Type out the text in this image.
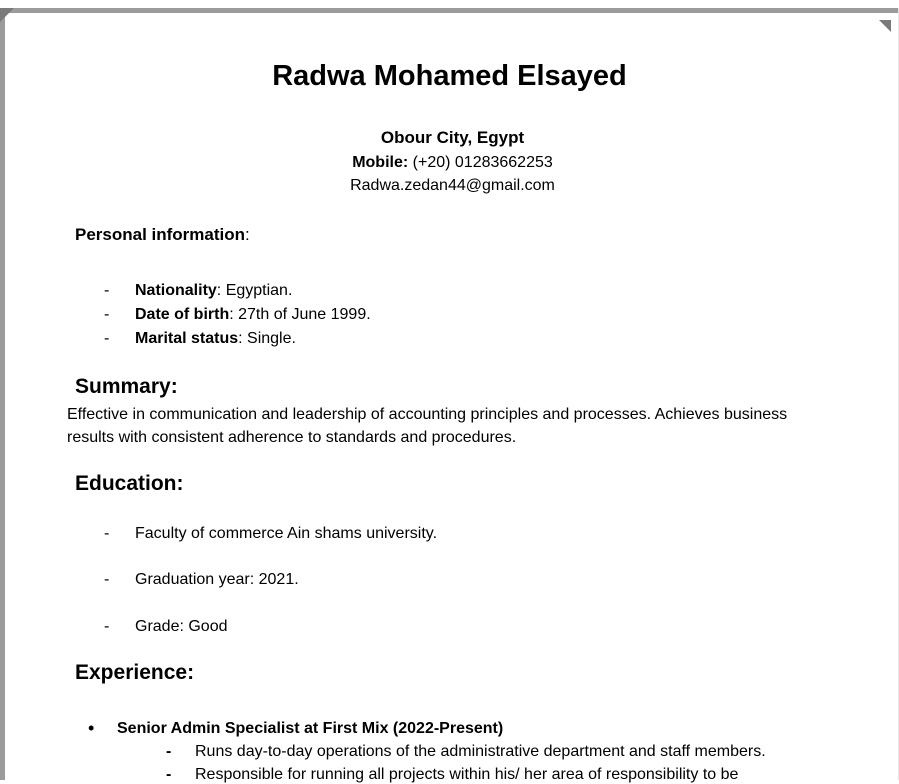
Radwa Mohamed Elsayed
Obour City, Egypt
Mobile: (+20) 01283662253
Radwa.zedan44@gmail.com
Personal information:
- Nationality: Egyptian.
- Date of birth: 27th of June 1999.
- Marital status: Single.
Summary:
Effective in communication and leadership of accounting principles and processes. Achieves business
results with consistent adherence to standards and procedures.
Education:
- Faculty of commerce Ain shams university.
- Graduation year: 2021.
- Grade: Good
Experience:
• Senior Admin Specialist at First Mix (2022-Present)
- Runs day-to-day operations of the administrative department and staff members.
- Responsible for running all projects within his/ her area of responsibility to be
